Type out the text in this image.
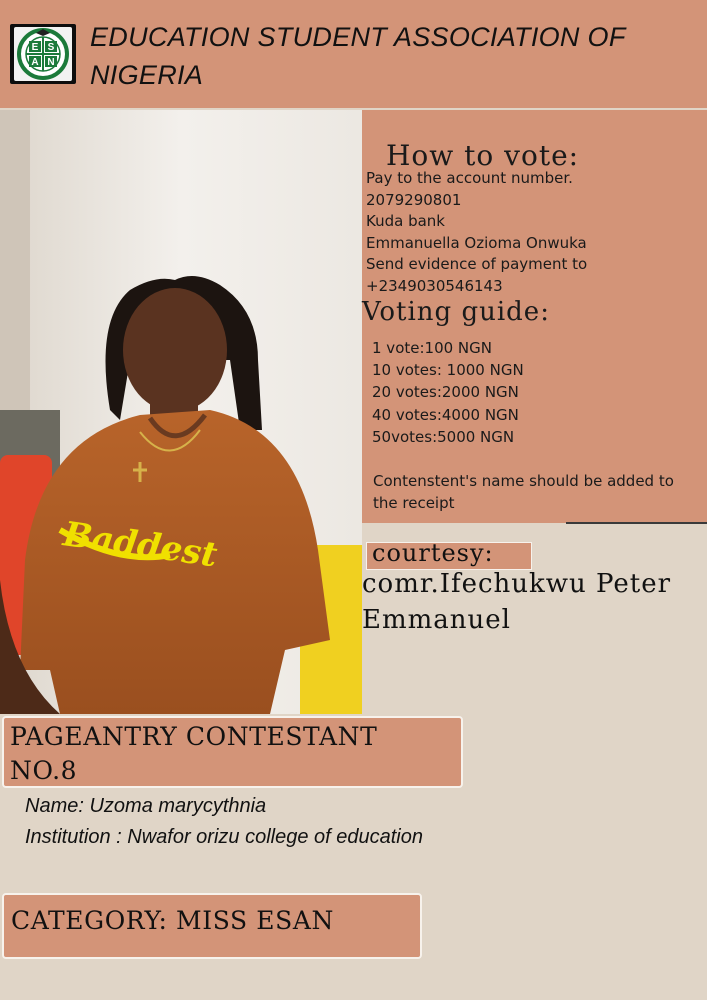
E S
A N
EDUCATION STUDENT ASSOCIATION OF NIGERIA
Baddest
How to vote:
Pay to the account number.
2079290801
Kuda bank
Emmanuella Ozioma Onwuka
Send evidence of payment to
+2349030546143
Voting guide:
1 vote:100 NGN
10 votes: 1000 NGN
20 votes:2000 NGN
40 votes:4000 NGN
50votes:5000 NGN
Contenstent's name should be added to the receipt
courtesy:
comr.Ifechukwu Peter Emmanuel
PAGEANTRY CONTESTANT NO.8
Name: Uzoma marycythnia
Institution : Nwafor orizu college of education
CATEGORY: MISS ESAN
